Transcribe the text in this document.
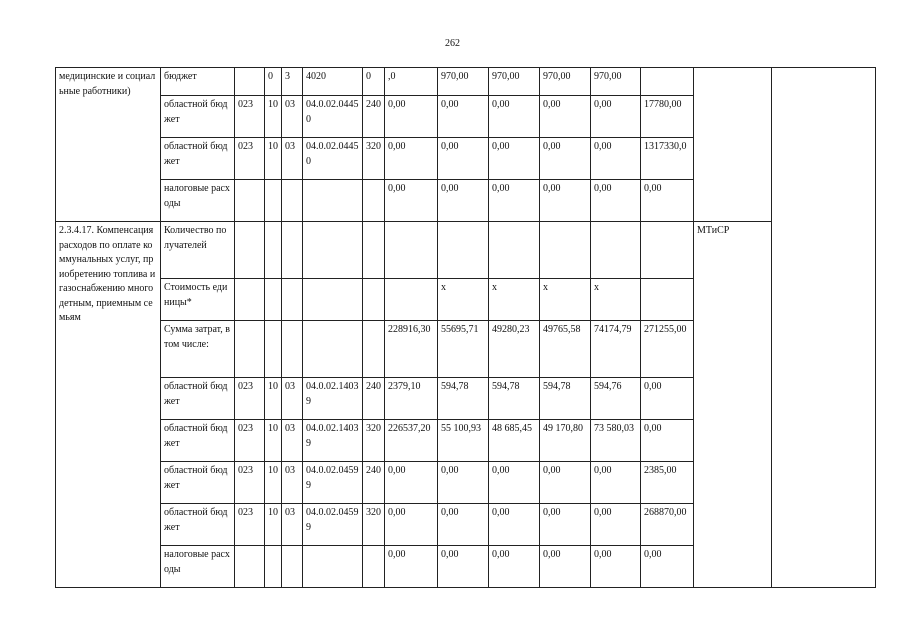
262
медицинские и социальные работники)	бюджет		0	3	4020	0	,0	970,00	970,00	970,00	970,00			
	областной бюджет	023	10	03	04.0.02.04450	240	0,00	0,00	0,00	0,00	0,00	17780,00		
	областной бюджет	023	10	03	04.0.02.04450	320	0,00	0,00	0,00	0,00	0,00	1317330,0		
	налоговые расходы						0,00	0,00	0,00	0,00	0,00	0,00		
2.3.4.17. Компенсация расходов по оплате коммунальных услуг, приобретению топлива и газоснабжению многодетным, приемным семьям	Количество получателей												МТиСР	
	Стоимость единицы*							x	x	x	x			
	Сумма затрат, в том числе:						228916,30	55695,71	49280,23	49765,58	74174,79	271255,00		
	областной бюджет	023	10	03	04.0.02.14039	240	2379,10	594,78	594,78	594,78	594,76	0,00		
	областной бюджет	023	10	03	04.0.02.14039	320	226537,20	55 100,93	48 685,45	49 170,80	73 580,03	0,00		
	областной бюджет	023	10	03	04.0.02.04599	240	0,00	0,00	0,00	0,00	0,00	2385,00		
	областной бюджет	023	10	03	04.0.02.04599	320	0,00	0,00	0,00	0,00	0,00	268870,00		
	налоговые расходы						0,00	0,00	0,00	0,00	0,00	0,00		
